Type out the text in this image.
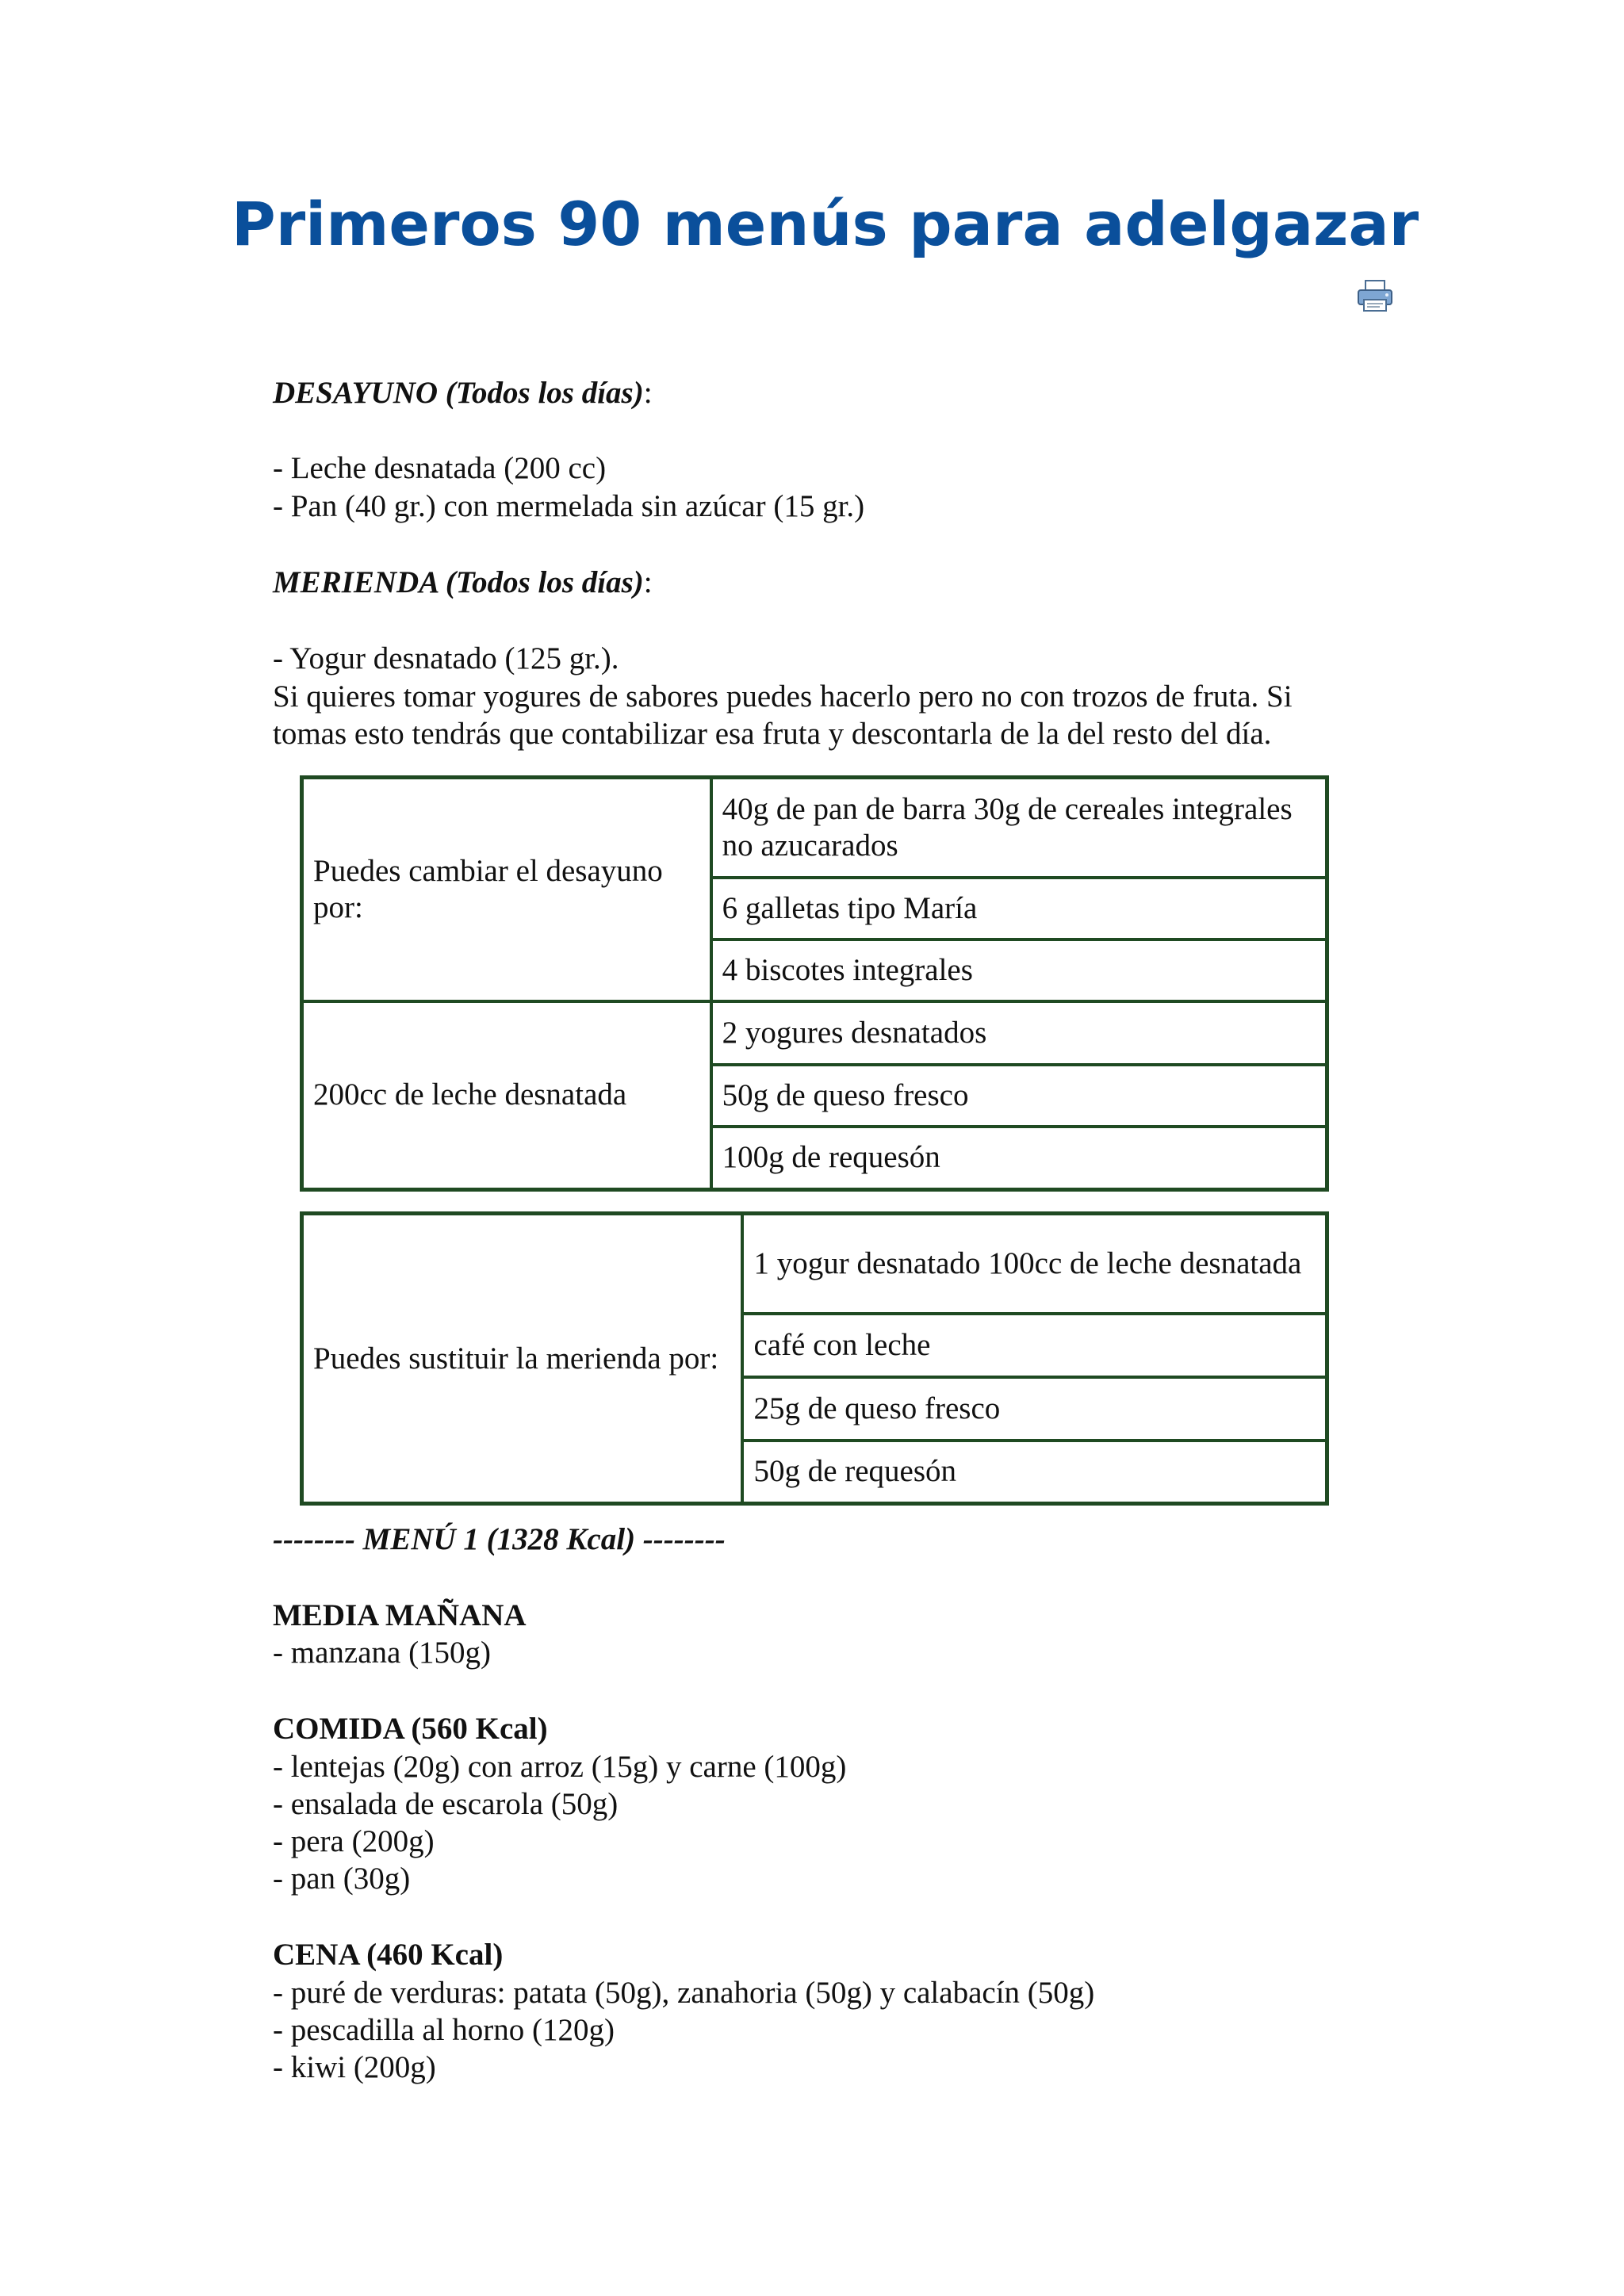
Primeros 90 menús para adelgazar
DESAYUNO (Todos los días):
- Leche desnatada (200 cc)
- Pan (40 gr.) con mermelada sin azúcar (15 gr.)
MERIENDA (Todos los días):
- Yogur desnatado (125 gr.).
Si quieres tomar yogures de sabores puedes hacerlo pero no con trozos de fruta. Si
tomas esto tendrás que contabilizar esa fruta y descontarla de la del resto del día.
-------- MENÚ 1 (1328 Kcal) --------
MEDIA MAÑANA
- manzana (150g)
COMIDA (560 Kcal)
- lentejas (20g) con arroz (15g) y carne (100g)
- ensalada de escarola (50g)
- pera (200g)
- pan (30g)
CENA (460 Kcal)
- puré de verduras: patata (50g), zanahoria (50g) y calabacín (50g)
- pescadilla al horno (120g)
- kiwi (200g)
Puedes cambiar el desayuno por:	40g de pan de barra 30g de cereales integrales no azucarados
	6 galletas tipo María
	4 biscotes integrales
200cc de leche desnatada	2 yogures desnatados
	50g de queso fresco
	100g de requesón
Puedes sustituir la merienda por:	1 yogur desnatado 100cc de leche desnatada
café con leche
25g de queso fresco
50g de requesón
